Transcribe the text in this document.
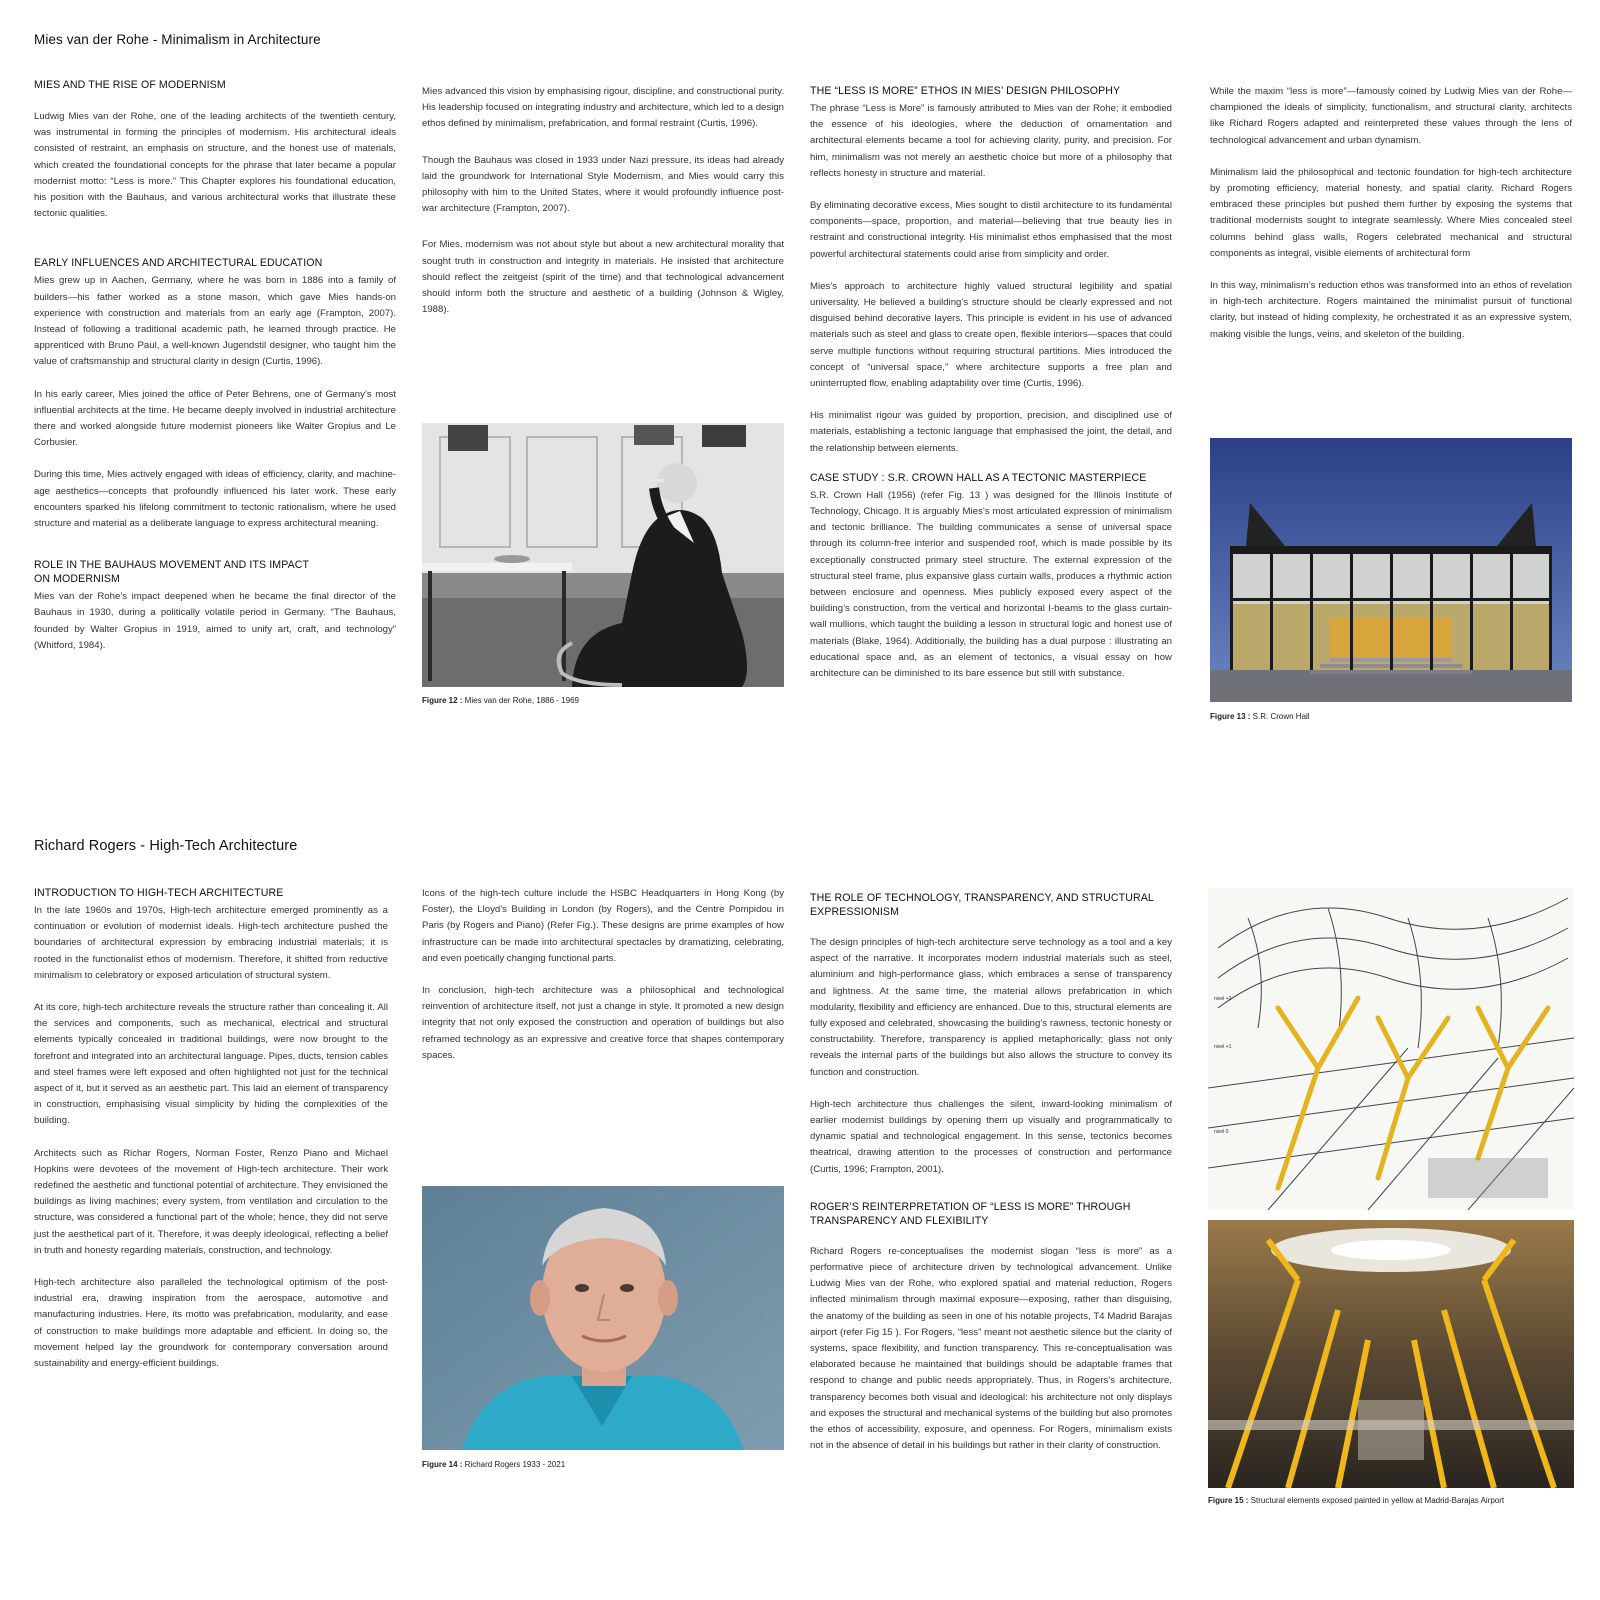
Mies van der Rohe - Minimalism in Architecture
MIES AND THE RISE OF MODERNISM

Ludwig Mies van der Rohe, one of the leading architects of the twentieth century, was instrumental in forming the principles of modernism. His architectural ideals consisted of restraint, an emphasis on structure, and the honest use of materials, which created the foundational concepts for the phrase that later became a popular modernist motto: “Less is more.” This Chapter explores his foundational education, his position with the Bauhaus, and various architectural works that illustrate these tectonic qualities.

EARLY INFLUENCES AND ARCHITECTURAL EDUCATION

Mies grew up in Aachen, Germany, where he was born in 1886 into a family of builders—his father worked as a stone mason, which gave Mies hands-on experience with construction and materials from an early age (Frampton, 2007). Instead of following a traditional academic path, he learned through practice. He apprenticed with Bruno Paul, a well-known Jugendstil designer, who taught him the value of craftsmanship and structural clarity in design (Curtis, 1996).

In his early career, Mies joined the office of Peter Behrens, one of Germany’s most influential architects at the time. He became deeply involved in industrial architecture there and worked alongside future modernist pioneers like Walter Gropius and Le Corbusier.

During this time, Mies actively engaged with ideas of efficiency, clarity, and machine-age aesthetics—concepts that profoundly influenced his later work. These early encounters sparked his lifelong commitment to tectonic rationalism, where he used structure and material as a deliberate language to express architectural meaning.

ROLE IN THE BAUHAUS MOVEMENT AND ITS IMPACT ON MODERNISM

Mies van der Rohe’s impact deepened when he became the final director of the Bauhaus in 1930, during a politically volatile period in Germany. “The Bauhaus, founded by Walter Gropius in 1919, aimed to unify art, craft, and technology” (Whitford, 1984).

Mies advanced this vision by emphasising rigour, discipline, and constructional purity. His leadership focused on integrating industry and architecture, which led to a design ethos defined by minimalism, prefabrication, and formal restraint (Curtis, 1996).

Though the Bauhaus was closed in 1933 under Nazi pressure, its ideas had already laid the groundwork for International Style Modernism, and Mies would carry this philosophy with him to the United States, where it would profoundly influence post-war architecture (Frampton, 2007).

For Mies, modernism was not about style but about a new architectural morality that sought truth in construction and integrity in materials. He insisted that architecture should reflect the zeitgeist (spirit of the time) and that technological advancement should inform both the structure and aesthetic of a building (Johnson & Wigley, 1988).

Figure 12 : Mies van der Rohe, 1886 - 1969
THE “LESS IS MORE” ETHOS IN MIES’ DESIGN PHILOSOPHY

The phrase “Less is More” is famously attributed to Mies van der Rohe; it embodied the essence of his ideologies, where the deduction of ornamentation and architectural elements became a tool for achieving clarity, purity, and precision. For him, minimalism was not merely an aesthetic choice but more of a philosophy that reflects honesty in structure and material.

By eliminating decorative excess, Mies sought to distil architecture to its fundamental components—space, proportion, and material—believing that true beauty lies in restraint and constructional integrity. His minimalist ethos emphasised that the most powerful architectural statements could arise from simplicity and order.

Mies’s approach to architecture highly valued structural legibility and spatial universality. He believed a building’s structure should be clearly expressed and not disguised behind decorative layers. This principle is evident in his use of advanced materials such as steel and glass to create open, flexible interiors—spaces that could serve multiple functions without requiring structural partitions. Mies introduced the concept of “universal space,” where architecture supports a free plan and uninterrupted flow, enabling adaptability over time (Curtis, 1996).

His minimalist rigour was guided by proportion, precision, and disciplined use of materials, establishing a tectonic language that emphasised the joint, the detail, and the relationship between elements.

CASE STUDY : S.R. CROWN HALL AS A TECTONIC MASTERPIECE

S.R. Crown Hall (1956) (refer Fig. 13 ) was designed for the Illinois Institute of Technology, Chicago. It is arguably Mies’s most articulated expression of minimalism and tectonic brilliance. The building communicates a sense of universal space through its column-free interior and suspended roof, which is made possible by its exceptionally constructed primary steel structure. The external expression of the structural steel frame, plus expansive glass curtain walls, produces a rhythmic action between enclosure and openness. Mies publicly exposed every aspect of the building’s construction, from the vertical and horizontal I-beams to the glass curtain-wall mullions, which taught the building a lesson in structural logic and honest use of materials (Blake, 1964). Additionally, the building has a dual purpose : illustrating an educational space and, as an element of tectonics, a visual essay on how architecture can be diminished to its bare essence but still with substance.

While the maxim “less is more”—famously coined by Ludwig Mies van der Rohe—championed the ideals of simplicity, functionalism, and structural clarity, architects like Richard Rogers adapted and reinterpreted these values through the lens of technological advancement and urban dynamism.

Minimalism laid the philosophical and tectonic foundation for high-tech architecture by promoting efficiency, material honesty, and spatial clarity. Richard Rogers embraced these principles but pushed them further by exposing the systems that traditional modernists sought to integrate seamlessly. Where Mies concealed steel columns behind glass walls, Rogers celebrated mechanical and structural components as integral, visible elements of architectural form

In this way, minimalism’s reduction ethos was transformed into an ethos of revelation in high-tech architecture. Rogers maintained the minimalist pursuit of functional clarity, but instead of hiding complexity, he orchestrated it as an expressive system, making visible the lungs, veins, and skeleton of the building.

Figure 13 : S.R. Crown Hall
Richard Rogers - High-Tech Architecture
INTRODUCTION TO HIGH-TECH ARCHITECTURE

In the late 1960s and 1970s, High-tech architecture emerged prominently as a continuation or evolution of modernist ideals. High-tech architecture pushed the boundaries of architectural expression by embracing industrial materials; it is rooted in the functionalist ethos of modernism. Therefore, it shifted from reductive minimalism to celebratory or exposed articulation of structural system.

At its core, high-tech architecture reveals the structure rather than concealing it. All the services and components, such as mechanical, electrical and structural elements typically concealed in traditional buildings, were now brought to the forefront and integrated into an architectural language. Pipes, ducts, tension cables and steel frames were left exposed and often highlighted not just for the technical aspect of it, but it served as an aesthetic part. This laid an element of transparency in construction, emphasising visual simplicity by hiding the complexities of the building.

Architects such as Richar Rogers, Norman Foster, Renzo Piano and Michael Hopkins were devotees of the movement of High-tech architecture. Their work redefined the aesthetic and functional potential of architecture. They envisioned the buildings as living machines; every system, from ventilation and circulation to the structure, was considered a functional part of the whole; hence, they did not serve just the aesthetical part of it. Therefore, it was deeply ideological, reflecting a belief in truth and honesty regarding materials, construction, and technology.

High-tech architecture also paralleled the technological optimism of the post-industrial era, drawing inspiration from the aerospace, automotive and manufacturing industries. Here, its motto was prefabrication, modularity, and ease of construction to make buildings more adaptable and efficient. In doing so, the movement helped lay the groundwork for contemporary conversation around sustainability and energy-efficient buildings.

Icons of the high-tech culture include the HSBC Headquarters in Hong Kong (by Foster), the Lloyd’s Building in London (by Rogers), and the Centre Pompidou in Paris (by Rogers and Piano) (Refer Fig.). These designs are prime examples of how infrastructure can be made into architectural spectacles by dramatizing, celebrating, and even poetically changing functional parts.

In conclusion, high-tech architecture was a philosophical and technological reinvention of architecture itself, not just a change in style. It promoted a new design integrity that not only exposed the construction and operation of buildings but also reframed technology as an expressive and creative force that shapes contemporary spaces.

Figure 14 : Richard Rogers 1933 - 2021
THE ROLE OF TECHNOLOGY, TRANSPARENCY, AND STRUCTURAL EXPRESSIONISM

The design principles of high-tech architecture serve technology as a tool and a key aspect of the narrative. It incorporates modern industrial materials such as steel, aluminium and high-performance glass, which embraces a sense of transparency and lightness. At the same time, the material allows prefabrication in which modularity, flexibility and efficiency are enhanced. Due to this, structural elements are fully exposed and celebrated, showcasing the building’s rawness, tectonic honesty or constructability. Therefore, transparency is applied metaphorically; glass not only reveals the internal parts of the buildings but also allows the structure to convey its function and construction.

High-tech architecture thus challenges the silent, inward-looking minimalism of earlier modernist buildings by opening them up visually and programmatically to dynamic spatial and technological engagement. In this sense, tectonics becomes theatrical, drawing attention to the processes of construction and performance (Curtis, 1996; Frampton, 2001).

ROGER’S REINTERPRETATION OF “LESS IS MORE” THROUGH TRANSPARENCY AND FLEXIBILITY

Richard Rogers re-conceptualises the modernist slogan “less is more” as a performative piece of architecture driven by technological advancement. Unlike Ludwig Mies van der Rohe, who explored spatial and material reduction, Rogers inflected minimalism through maximal exposure—exposing, rather than disguising, the anatomy of the building as seen in one of his notable projects, T4 Madrid Barajas airport (refer Fig 15 ). For Rogers, “less” meant not aesthetic silence but the clarity of systems, space flexibility, and function transparency. This re-conceptualisation was elaborated because he maintained that buildings should be adaptable frames that respond to change and public needs appropriately. Thus, in Rogers’s architecture, transparency becomes both visual and ideological: his architecture not only displays and exposes the structural and mechanical systems of the building but also promotes the ethos of accessibility, exposure, and openness. For Rogers, minimalism exists not in the absence of detail in his buildings but rather in their clarity of construction.

nivel +2
nivel +1
nivel 0
Figure 15 : Structural elements exposed painted in yellow at Madrid-Barajas Airport
